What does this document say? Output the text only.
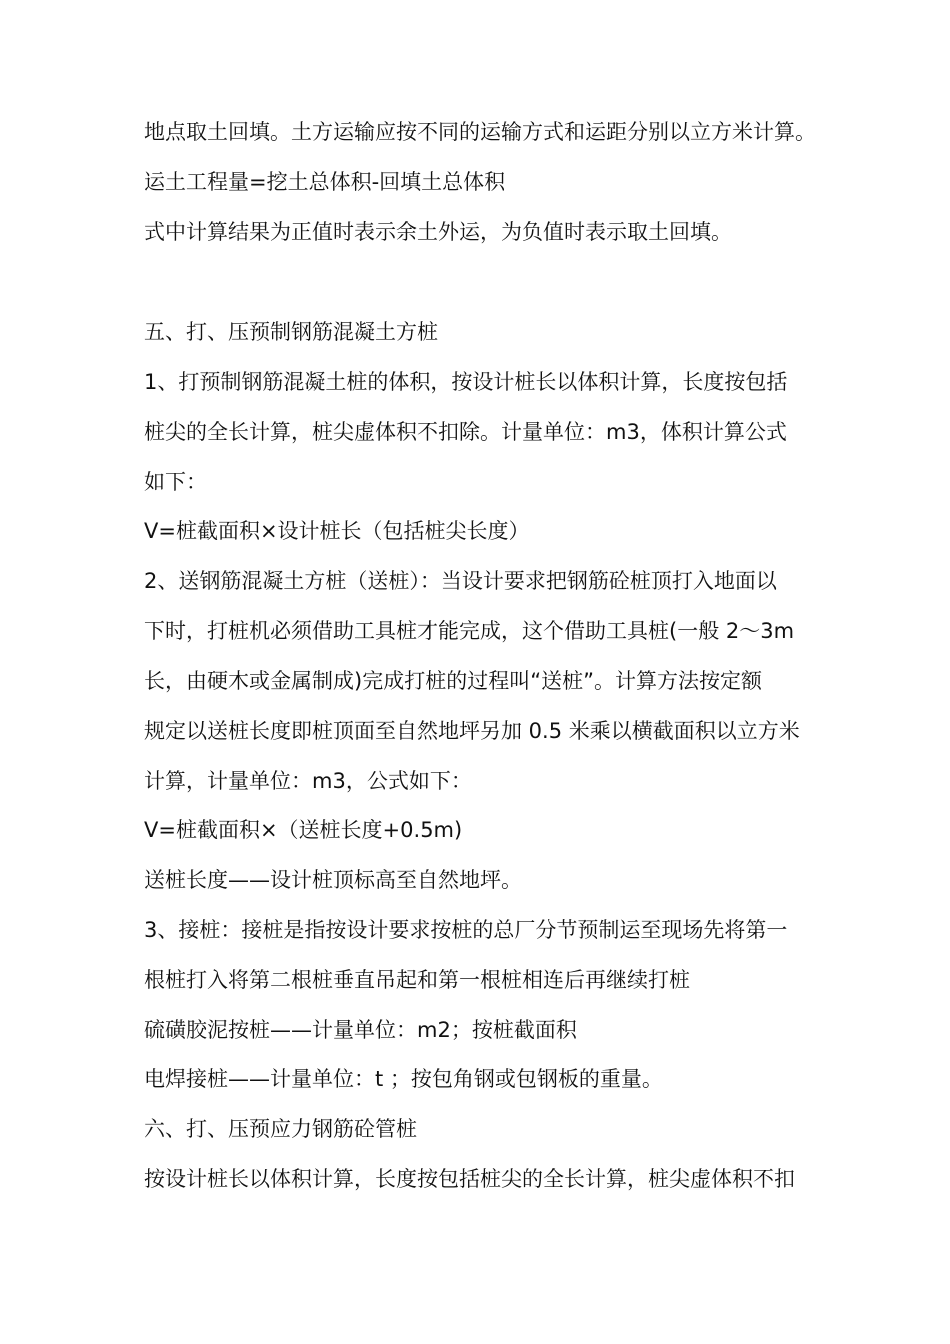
地点取土回填。土方运输应按不同的运输方式和运距分别以立方米计算。
运土工程量=挖土总体积-回填土总体积
式中计算结果为正值时表示余土外运，为负值时表示取土回填。
五、打、压预制钢筋混凝土方桩
1、打预制钢筋混凝土桩的体积，按设计桩长以体积计算，长度按包括
桩尖的全长计算，桩尖虚体积不扣除。计量单位：m3，体积计算公式
如下：
V=桩截面积×设计桩长（包括桩尖长度）
2、送钢筋混凝土方桩（送桩）：当设计要求把钢筋砼桩顶打入地面以
下时，打桩机必须借助工具桩才能完成，这个借助工具桩(一般 2～3m
长，由硬木或金属制成)完成打桩的过程叫“送桩”。计算方法按定额
规定以送桩长度即桩顶面至自然地坪另加 0.5 米乘以横截面积以立方米
计算，计量单位：m3，公式如下：
V=桩截面积×（送桩长度+0.5m)
送桩长度——设计桩顶标高至自然地坪。
3、接桩：接桩是指按设计要求按桩的总厂分节预制运至现场先将第一
根桩打入将第二根桩垂直吊起和第一根桩相连后再继续打桩
硫磺胶泥按桩——计量单位：m2；按桩截面积
电焊接桩——计量单位：t ；按包角钢或包钢板的重量。
六、打、压预应力钢筋砼管桩
按设计桩长以体积计算，长度按包括桩尖的全长计算，桩尖虚体积不扣
